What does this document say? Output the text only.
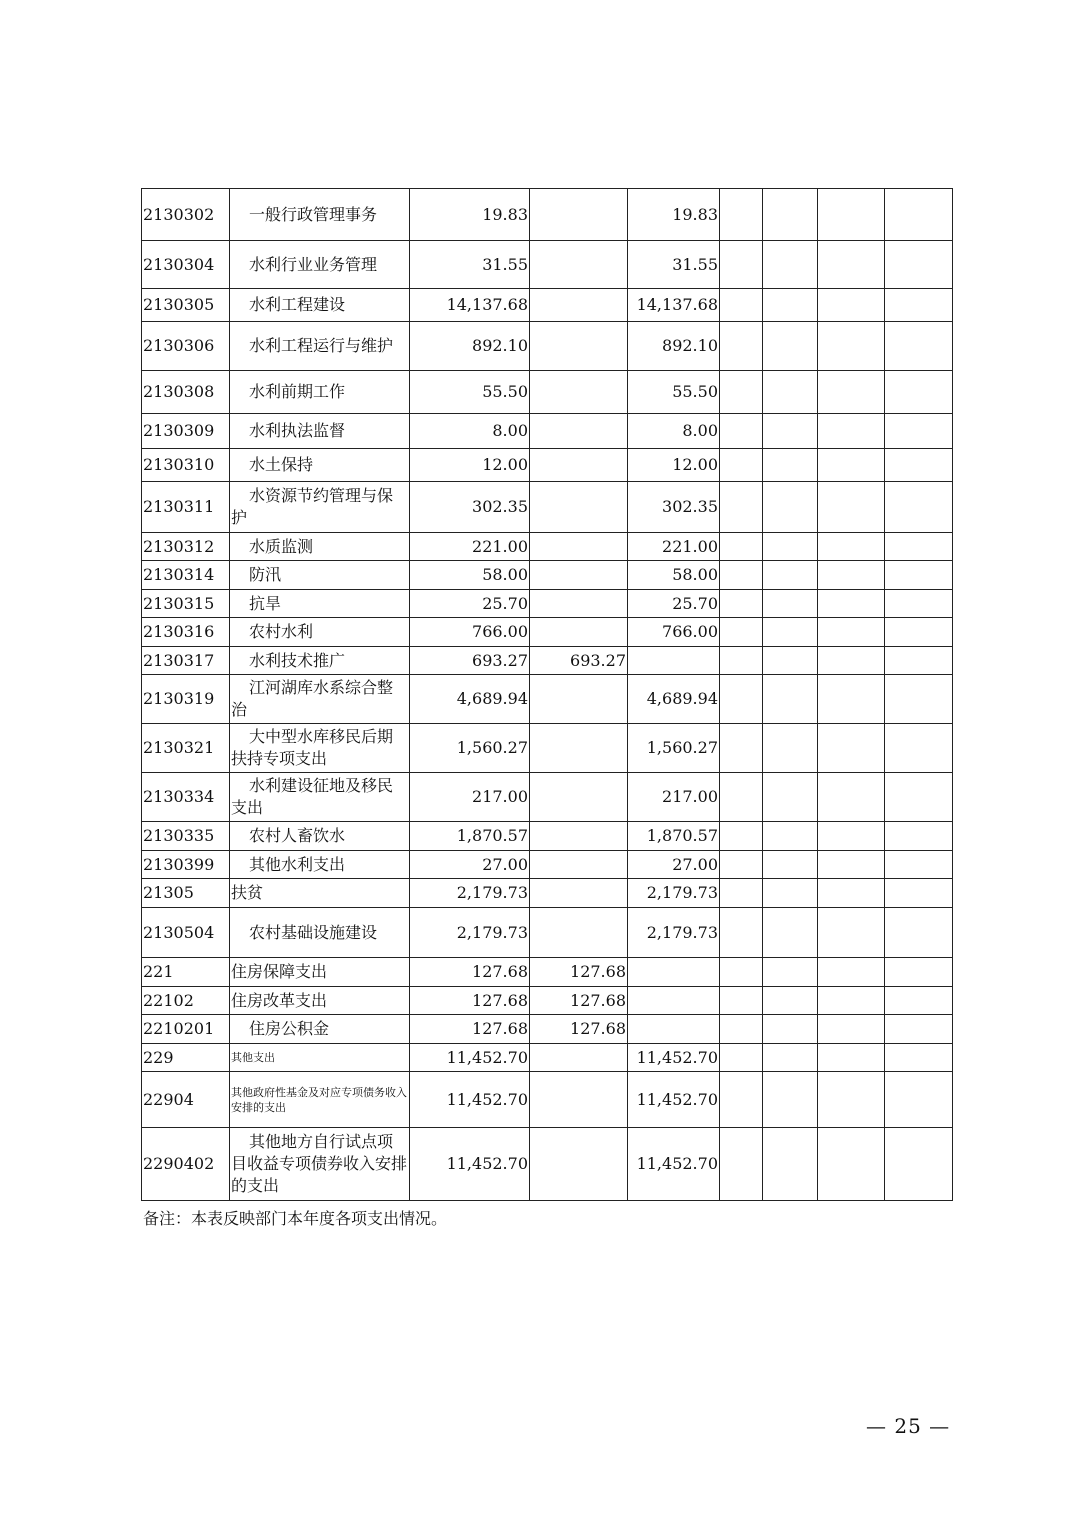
2130302	一般行政管理事务	19.83		19.83				
2130304	水利行业业务管理	31.55		31.55				
2130305	水利工程建设	14,137.68		14,137.68				
2130306	水利工程运行与维护	892.10		892.10				
2130308	水利前期工作	55.50		55.50				
2130309	水利执法监督	8.00		8.00				
2130310	水土保持	12.00		12.00				
2130311	水资源节约管理与保护	302.35		302.35				
2130312	水质监测	221.00		221.00				
2130314	防汛	58.00		58.00				
2130315	抗旱	25.70		25.70				
2130316	农村水利	766.00		766.00				
2130317	水利技术推广	693.27	693.27					
2130319	江河湖库水系综合整治	4,689.94		4,689.94				
2130321	大中型水库移民后期扶持专项支出	1,560.27		1,560.27				
2130334	水利建设征地及移民支出	217.00		217.00				
2130335	农村人畜饮水	1,870.57		1,870.57				
2130399	其他水利支出	27.00		27.00				
21305	扶贫	2,179.73		2,179.73				
2130504	农村基础设施建设	2,179.73		2,179.73				
221	住房保障支出	127.68	127.68					
22102	住房改革支出	127.68	127.68					
2210201	住房公积金	127.68	127.68					
229	其他支出	11,452.70		11,452.70				
22904	其他政府性基金及对应专项债务收入安排的支出	11,452.70		11,452.70				
2290402	其他地方自行试点项目收益专项债券收入安排的支出	11,452.70		11,452.70				
备注：本表反映部门本年度各项支出情况。
— 25 —
